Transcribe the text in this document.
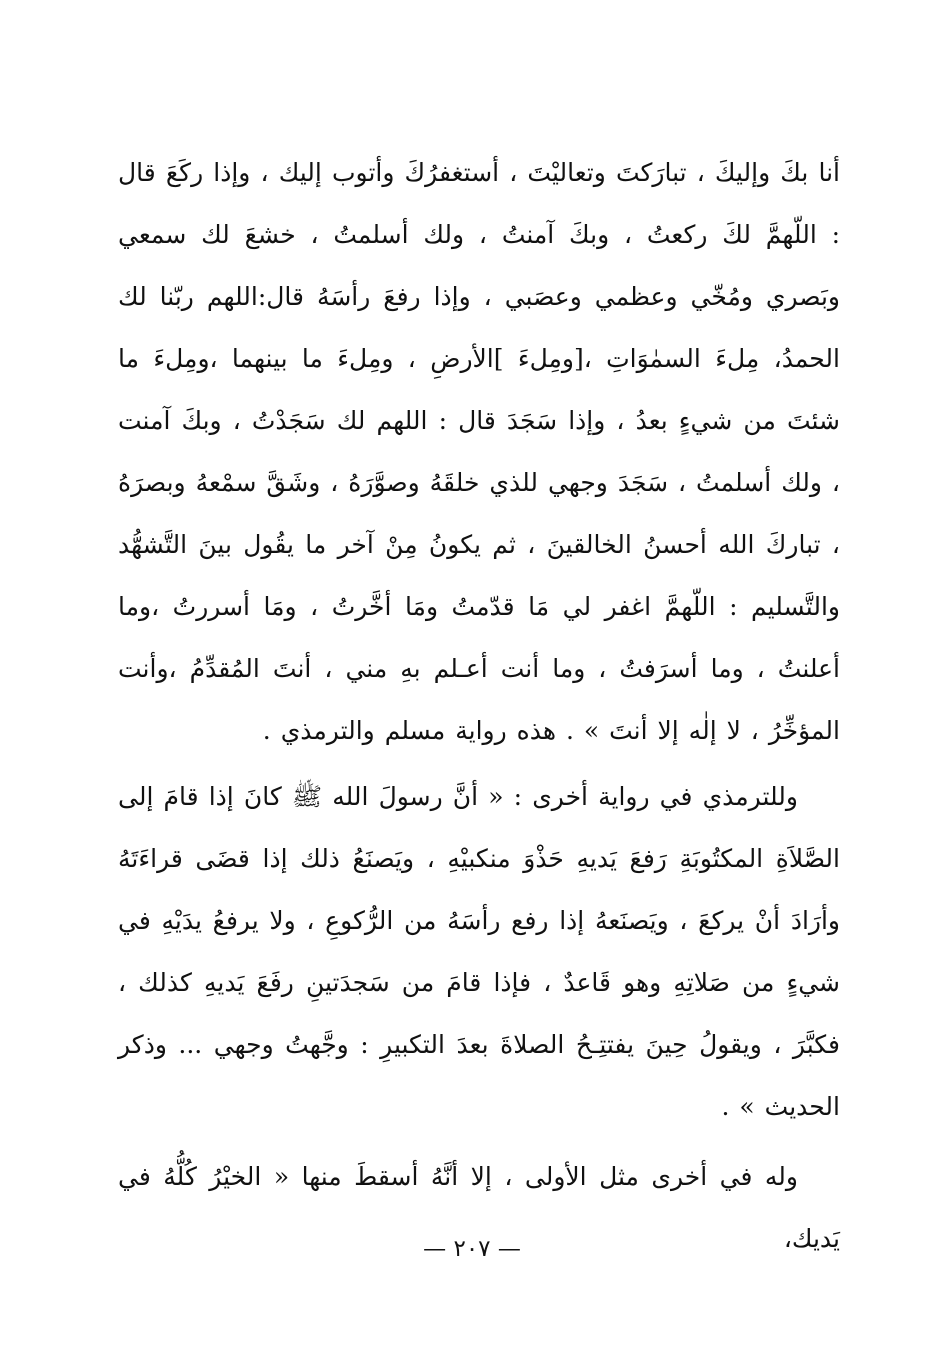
أنا بكَ وإليكَ ، تبارَكتَ وتعاليْتَ ، أستغفرُكَ وأتوب إليك ، وإذا ركَعَ قال : اللّهمَّ لكَ ركعتُ ، وبكَ آمنتُ ، ولك أسلمتُ ، خشعَ لك سمعي وبَصري ومُخّي وعظمي وعصَبي ، وإذا رفعَ رأسَهُ قال:اللهم ربّنا لك الحمدُ، مِلءَ السمٰوَاتِ ،[ومِلءَ ]الأرضِ ، ومِلءَ ما بينهما ،ومِلءَ ما شئتَ من شيءٍ بعدُ ، وإذا سَجَدَ قال : اللهم لك سَجَدْتُ ، وبكَ آمنت ، ولك أسلمتُ ، سَجَدَ وجهي للذي خلقَهُ وصوَّرَهُ ، وشَقَّ سمْعهُ وبصرَهُ ، تباركَ الله أحسنُ الخالقينَ ، ثم يكونُ مِنْ آخر ما يقُول بينَ التَّشهُّد والتَّسليم : اللّهمَّ اغفر لي مَا قدّمتُ ومَا أخَّرتُ ، ومَا أسررتُ ،وما أعلنتُ ، وما أسرَفتُ ، وما أنت أعـلم بهِ مني ، أنتَ المُقدِّمُ ،وأنت المؤخِّرُ ، لا إلٰه إلا أنتَ » . هذه رواية مسلم والترمذي .

وللترمذي في رواية أخرى : « أنَّ رسولَ الله ﷺ كانَ إذا قامَ إلى الصَّلاَةِ المكتُوبَةِ رَفعَ يَديهِ حَذْوَ منكبيْهِ ، ويَصنَعُ ذلك إذا قضَى قراءَتَهُ وأرَادَ أنْ يركعَ ، ويَصنَعهُ إذا رفع رأسَهُ من الرُّكوعِ ، ولا يرفعُ يدَيْهِ في شيءٍ من صَلاتِهِ وهو قَاعدٌ ، فإذا قامَ من سَجدَتينِ رفَعَ يَديهِ كذلك ، فكبَّرَ ، ويقولُ حِينَ يفتتِـحُ الصلاةَ بعدَ التكبيرِ : وجَّهتُ وجهي ... وذكر الحديث » .

وله في أخرى مثل الأولى ، إلا أنَّهُ أسقطَ منها « الخيْرُ كُلُّهُ في يَديك،

— ٢٠٧ —
